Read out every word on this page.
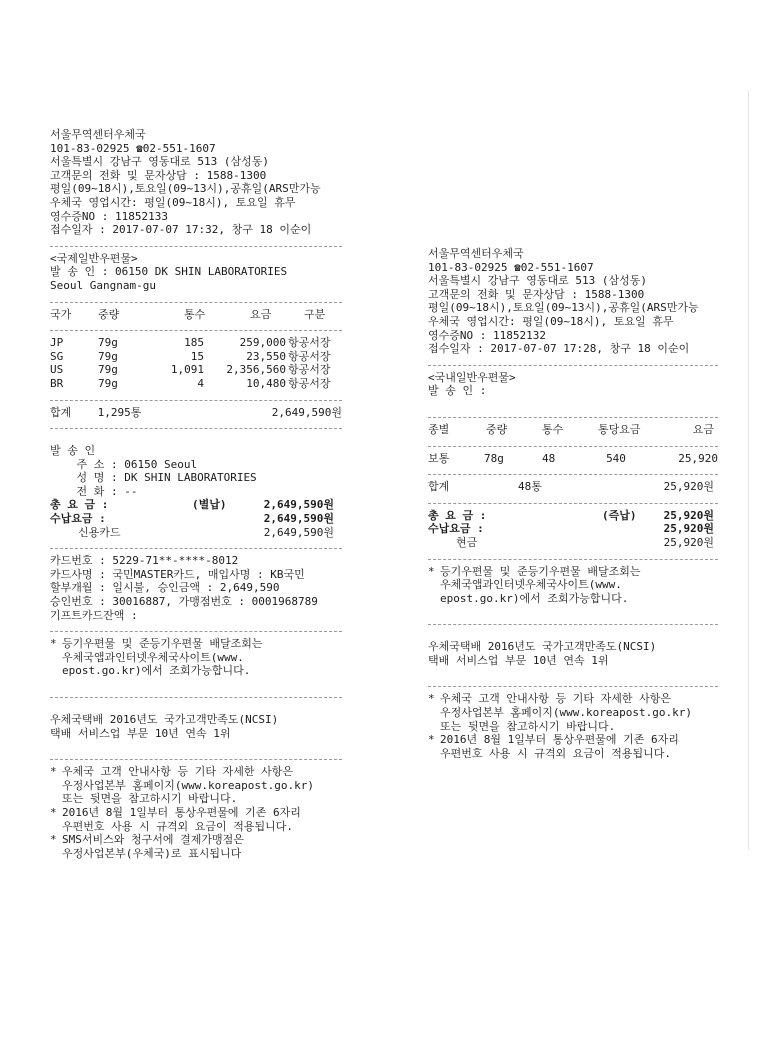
서울무역센터우체국
101-83-02925 ☎02-551-1607
서울특별시 강남구 영동대로 513 (삼성동)
고객문의 전화 및 문자상담 : 1588-1300
평일(09~18시),토요일(09~13시),공휴일(ARS만가능
우체국 영업시간: 평일(09~18시), 토요일 휴무
영수증NO : 11852133
접수일자 : 2017-07-07 17:32, 창구 18 이순이
<국제일반우편물>
발 송 인 : 06150 DK SHIN LABORATORIES
Seoul Gangnam-gu
국가	중량	통수	요금	구분
JP	79g	185	259,000 항공서장
SG	79g	15	23,550 항공서장
US	79g	1,091	2,356,560 항공서장
BR	79g	4	10,480 항공서장
합계	1,295통	2,649,590원
발 송 인
주 소 : 06150 Seoul
성 명 : DK SHIN LABORATORIES
전 화 : --
총 요 금 :	(별납)	2,649,590원
수납요금 :	2,649,590원
신용카드	2,649,590원
카드번호 : 5229-71**-****-8012
카드사명 : 국민MASTER카드, 매입사명 : KB국민
할부개월 : 일시불, 승인금액 : 2,649,590
승인번호 : 30016887, 가맹점번호 : 0001968789
기프트카드잔액 :
* 등기우편물 및 준등기우편물 배달조회는
우체국앱과인터넷우체국사이트(www.
epost.go.kr)에서 조회가능합니다.
우체국택배 2016년도 국가고객만족도(NCSI)
택배 서비스업 부문 10년 연속 1위
* 우체국 고객 안내사항 등 기타 자세한 사항은
우정사업본부 홈페이지(www.koreapost.go.kr)
또는 뒷면을 참고하시기 바랍니다.
* 2016년 8월 1일부터 통상우편물에 기존 6자리
우편번호 사용 시 규격외 요금이 적용됩니다.
* SMS서비스와 청구서에 결제가맹점은
우정사업본부(우체국)로 표시됩니다
서울무역센터우체국
101-83-02925 ☎02-551-1607
서울특별시 강남구 영동대로 513 (삼성동)
고객문의 전화 및 문자상담 : 1588-1300
평일(09~18시),토요일(09~13시),공휴일(ARS만가능
우체국 영업시간: 평일(09~18시), 토요일 휴무
영수증NO : 11852132
접수일자 : 2017-07-07 17:28, 창구 18 이순이
<국내일반우편물>
발 송 인 :
종별	중량	통수	통당요금	요금
보통	78g	48	540	25,920
합계	48통	25,920원
총 요 금 :	(즉납)	25,920원
수납요금 :	25,920원
현금	25,920원
* 등기우편물 및 준등기우편물 배달조회는
우체국앱과인터넷우체국사이트(www.
epost.go.kr)에서 조회가능합니다.
우체국택배 2016년도 국가고객만족도(NCSI)
택배 서비스업 부문 10년 연속 1위
* 우체국 고객 안내사항 등 기타 자세한 사항은
우정사업본부 홈페이지(www.koreapost.go.kr)
또는 뒷면을 참고하시기 바랍니다.
* 2016년 8월 1일부터 통상우편물에 기존 6자리
우편번호 사용 시 규격외 요금이 적용됩니다.
